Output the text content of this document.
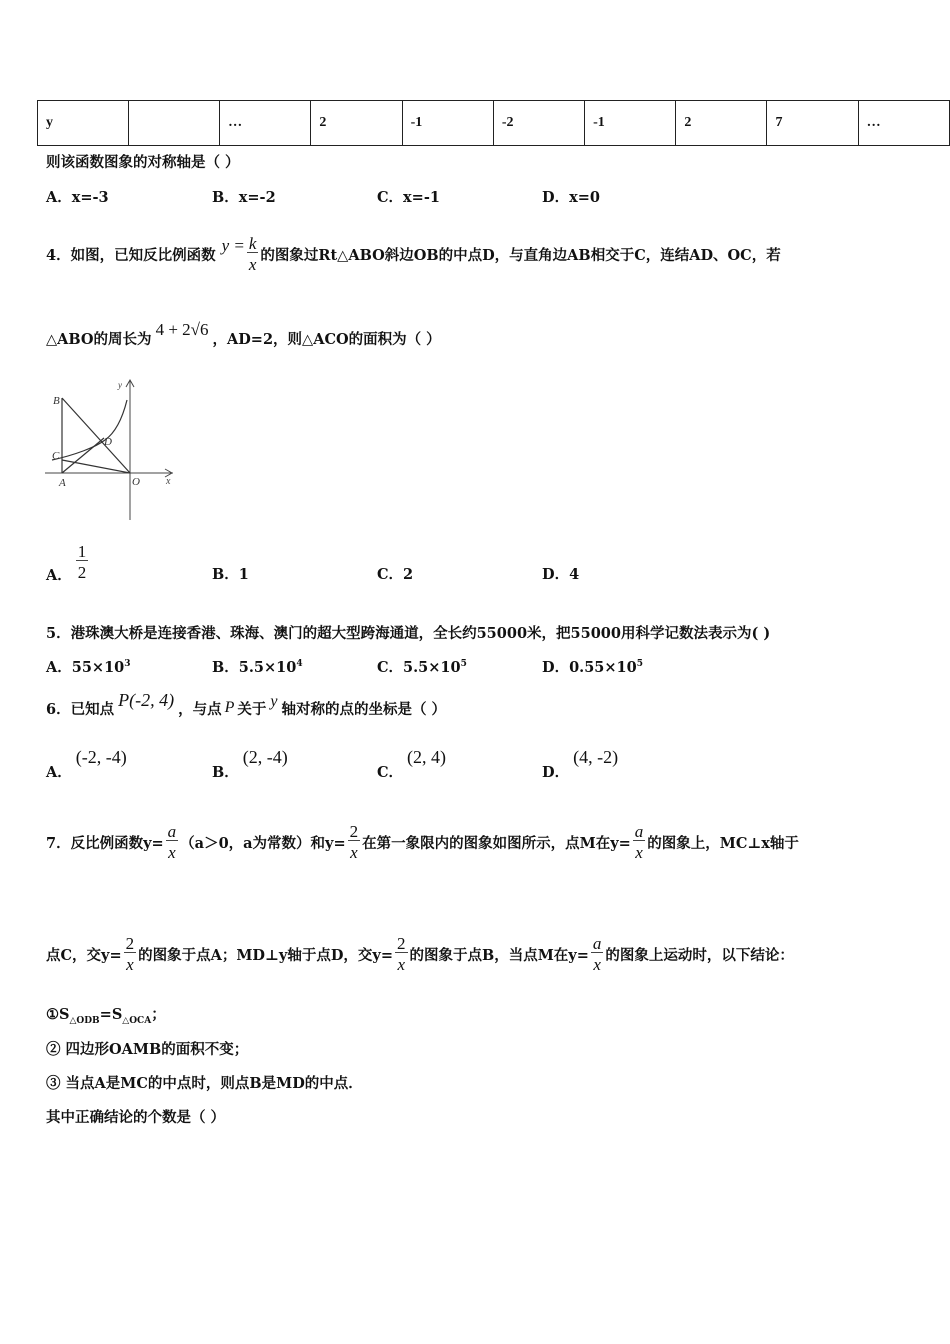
y		…	2	-1	-2	-1	2	7	…
则该函数图象的对称轴是（ ）
A．x=-3	B．x=-2	C．x=-1	D．x=0
4．如图，已知反比例函数 $y = \frac{k}{x}$ 的图象过Rt△ABO斜边OB的中点D，与直角边AB相交于C，连结AD、OC，若
△ABO的周长为 4 + 2√6 ，AD=2，则△ACO的面积为（ ）
y
x
B
C
D
A	O
A． $\frac{1}{2}$	B．1	C．2	D．4
5．港珠澳大桥是连接香港、珠海、澳门的超大型跨海通道，全长约55000米，把55000用科学记数法表示为( )
A．$55\times 10^3$	B．$5.5\times 10^4$	C．$5.5\times 10^5$	D．$0.55\times 10^5$
6．已知点 P(-2, 4) ，与点 P 关于 y 轴对称的点的坐标是（ ）
A．
(-2, -4)
B．
(2, -4)
C．
(2, 4)
D．
(4, -2)
7．反比例函数$y= \frac{a}{x} (a>0$，a为常数）和$y= \frac{2}{x}$ 在第一象限内的图象如图所示，点M在$y= \frac{a}{x}$ 的图象上，MC⊥x轴于
点C，交$y= \frac{2}{x}$ 的图象于点A；MD⊥y轴于点D，交$y= \frac{2}{x}$ 的图象于点B，当点M在$y= \frac{a}{x}$ 的图象上运动时，以下结论：
$①S_{\triangle ODB}=S_{\triangle OCA}$；
② 四边形OAMB的面积不变；
③ 当点A是MC的中点时，则点B是MD的中点．
其中正确结论的个数是（ ）
